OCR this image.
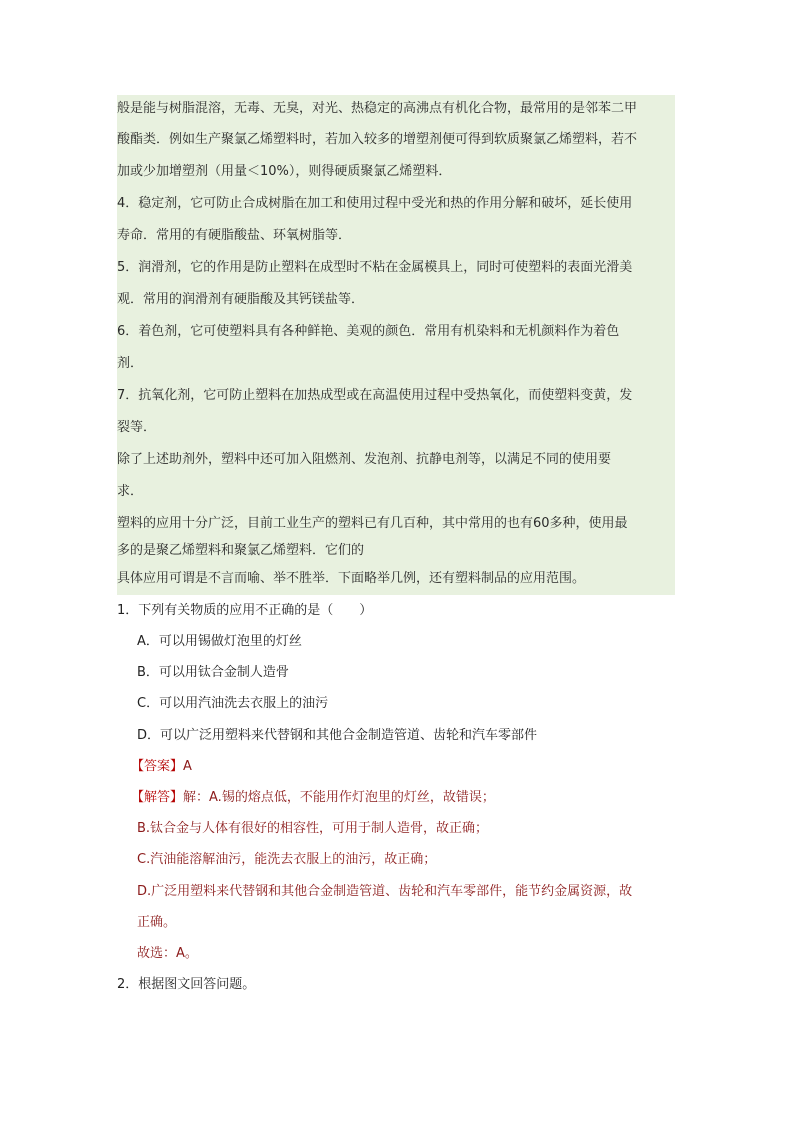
般是能与树脂混溶，无毒、无臭，对光、热稳定的高沸点有机化合物，最常用的是邻苯二甲
酸酯类．例如生产聚氯乙烯塑料时，若加入较多的增塑剂便可得到软质聚氯乙烯塑料，若不
加或少加增塑剂（用量＜10%），则得硬质聚氯乙烯塑料．
4．稳定剂，它可防止合成树脂在加工和使用过程中受光和热的作用分解和破坏，延长使用
寿命．常用的有硬脂酸盐、环氧树脂等．
5．润滑剂，它的作用是防止塑料在成型时不粘在金属模具上，同时可使塑料的表面光滑美
观．常用的润滑剂有硬脂酸及其钙镁盐等．
6．着色剂，它可使塑料具有各种鲜艳、美观的颜色．常用有机染料和无机颜料作为着色
剂．
7．抗氧化剂，它可防止塑料在加热成型或在高温使用过程中受热氧化，而使塑料变黄，发
裂等．
除了上述助剂外，塑料中还可加入阻燃剂、发泡剂、抗静电剂等，以满足不同的使用要
求．
塑料的应用十分广泛，目前工业生产的塑料已有几百种，其中常用的也有60多种，使用最
多的是聚乙烯塑料和聚氯乙烯塑料．它们的
具体应用可谓是不言而喻、举不胜举．下面略举几例，还有塑料制品的应用范围。
1．下列有关物质的应用不正确的是（　　）
A．可以用锡做灯泡里的灯丝
B．可以用钛合金制人造骨
C．可以用汽油洗去衣服上的油污
D．可以广泛用塑料来代替钢和其他合金制造管道、齿轮和汽车零部件
【答案】A
【解答】解：A.锡的熔点低，不能用作灯泡里的灯丝，故错误；
B.钛合金与人体有很好的相容性，可用于制人造骨，故正确；
C.汽油能溶解油污，能洗去衣服上的油污，故正确；
D.广泛用塑料来代替钢和其他合金制造管道、齿轮和汽车零部件，能节约金属资源，故
正确。
故选：A。
2．根据图文回答问题。
